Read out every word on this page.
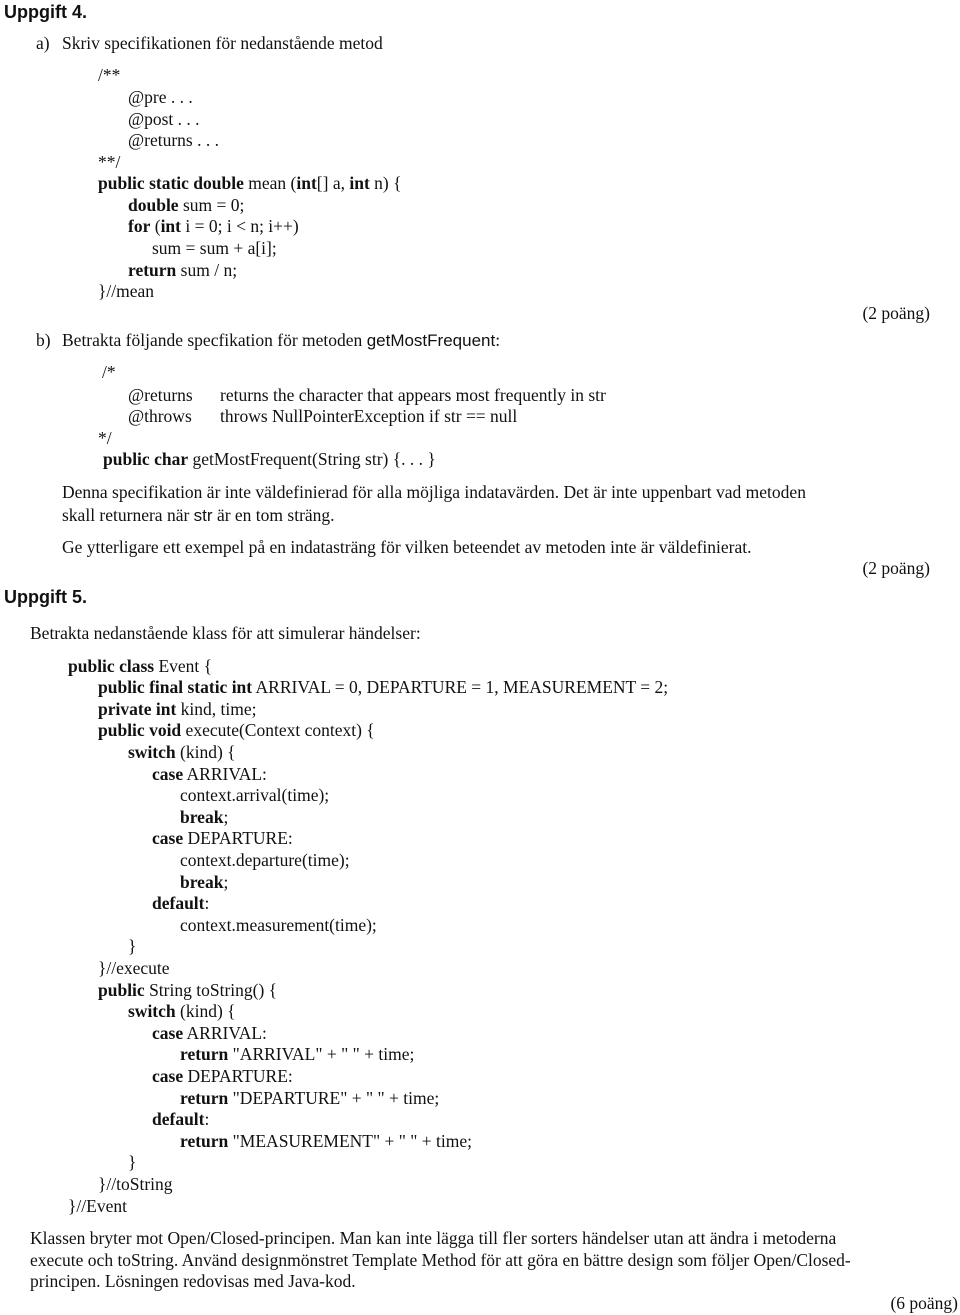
Uppgift 4.
a) Skriv specifikationen för nedanstående metod
/**
@pre . . .
@post . . .
@returns . . .
**/
public static double mean (int[] a, int n) {
double sum = 0;
for (int i = 0; i < n; i++)
sum = sum + a[i];
return sum / n;
}//mean
(2 poäng)
b) Betrakta följande specfikation för metoden getMostFrequent:
/*
@returns returns the character that appears most frequently in str
@throws throws NullPointerException if str == null
*/
public char getMostFrequent(String str) {. . . }
Denna specifikation är inte väldefinierad för alla möjliga indatavärden. Det är inte uppenbart vad metoden
skall returnera när str är en tom sträng.
Ge ytterligare ett exempel på en indatasträng för vilken beteendet av metoden inte är väldefinierat.
(2 poäng)
Uppgift 5.
Betrakta nedanstående klass för att simulerar händelser:
public class Event {
public final static int ARRIVAL = 0, DEPARTURE = 1, MEASUREMENT = 2;
private int kind, time;
public void execute(Context context) {
switch (kind) {
case ARRIVAL:
context.arrival(time);
break;
case DEPARTURE:
context.departure(time);
break;
default:
context.measurement(time);
}
}//execute
public String toString() {
switch (kind) {
case ARRIVAL:
return "ARRIVAL" + " " + time;
case DEPARTURE:
return "DEPARTURE" + " " + time;
default:
return "MEASUREMENT" + " " + time;
}
}//toString
}//Event
Klassen bryter mot Open/Closed-principen. Man kan inte lägga till fler sorters händelser utan att ändra i metoderna
execute och toString. Använd designmönstret Template Method för att göra en bättre design som följer Open/Closed-
principen. Lösningen redovisas med Java-kod.
(6 poäng)
